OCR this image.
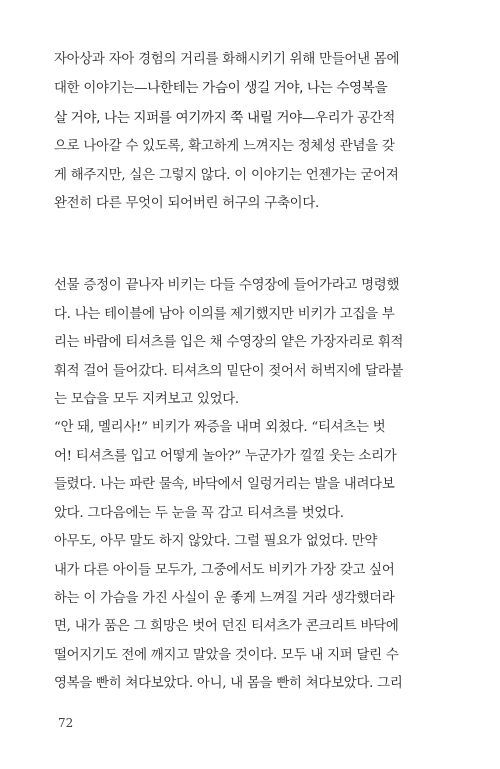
자아상과 자아 경험의 거리를 화해시키기 위해 만들어낸 몸에
대한 이야기는—나한테는 가슴이 생길 거야, 나는 수영복을
살 거야, 나는 지퍼를 여기까지 쭉 내릴 거야—우리가 공간적
으로 나아갈 수 있도록, 확고하게 느껴지는 정체성 관념을 갖
게 해주지만, 실은 그렇지 않다. 이 이야기는 언젠가는 굳어져
완전히 다른 무엇이 되어버린 허구의 구축이다.
선물 증정이 끝나자 비키는 다들 수영장에 들어가라고 명령했
다. 나는 테이블에 남아 이의를 제기했지만 비키가 고집을 부
리는 바람에 티셔츠를 입은 채 수영장의 얕은 가장자리로 휘적
휘적 걸어 들어갔다. 티셔츠의 밑단이 젖어서 허벅지에 달라붙
는 모습을 모두 지켜보고 있었다.
“안 돼, 멜리사!” 비키가 짜증을 내며 외쳤다. “티셔츠는 벗
어! 티셔츠를 입고 어떻게 놀아?” 누군가가 낄낄 웃는 소리가
들렸다. 나는 파란 물속, 바닥에서 일렁거리는 발을 내려다보
았다. 그다음에는 두 눈을 꼭 감고 티셔츠를 벗었다.
아무도, 아무 말도 하지 않았다. 그럴 필요가 없었다. 만약
내가 다른 아이들 모두가, 그중에서도 비키가 가장 갖고 싶어
하는 이 가슴을 가진 사실이 운 좋게 느껴질 거라 생각했더라
면, 내가 품은 그 희망은 벗어 던진 티셔츠가 콘크리트 바닥에
떨어지기도 전에 깨지고 말았을 것이다. 모두 내 지퍼 달린 수
영복을 빤히 쳐다보았다. 아니, 내 몸을 빤히 쳐다보았다. 그리
72
